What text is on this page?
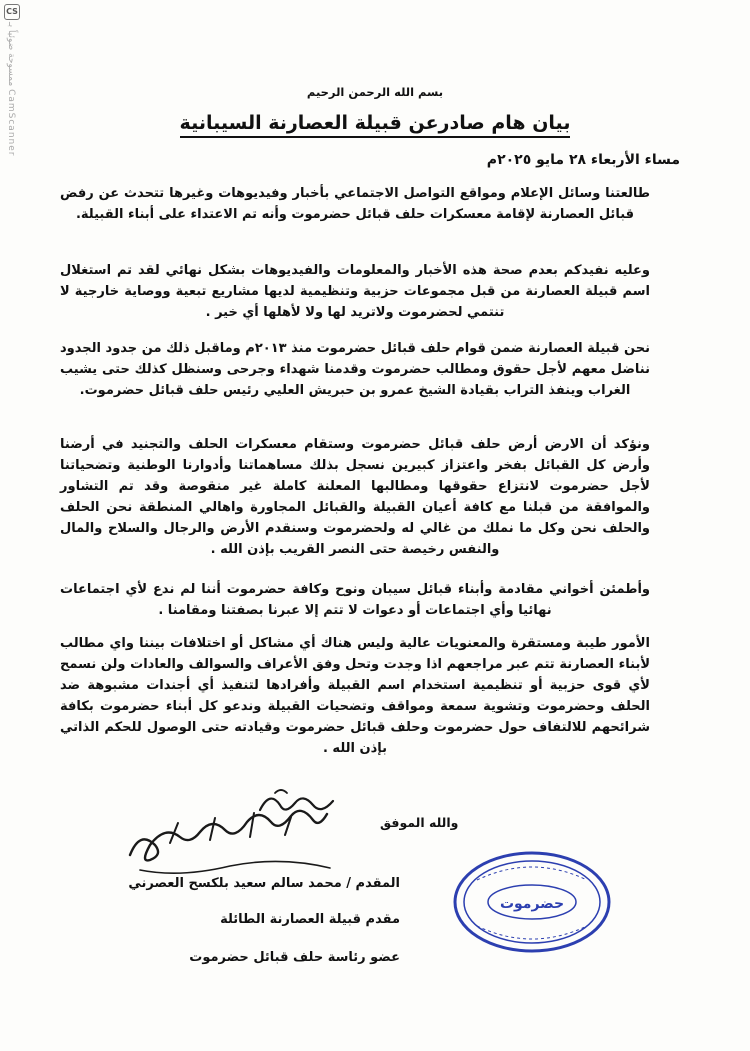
CS
ممسوحة ضوئياً بـ CamScanner	بسم الله الرحمن الرحيم
بيان هام صادرعن قبيلة العصارنة السيبانية
مساء الأربعاء ٢٨ مايو ٢٠٢٥م
طالعتنا وسائل الإعلام ومواقع التواصل الاجتماعي بأخبار وفيديوهات وغيرها تتحدث عن رفض قبائل العصارنة لإقامة معسكرات حلف قبائل حضرموت وأنه تم الاعتداء على أبناء القبيلة.
وعليه نفيدكم بعدم صحة هذه الأخبار والمعلومات والفيديوهات بشكل نهائي لقد تم استغلال اسم قبيلة العصارنة من قبل مجموعات حزبية وتنظيمية لديها مشاريع تبعية ووصاية خارجية لا تنتمي لحضرموت ولاتريد لها ولا لأهلها أي خير .
نحن قبيلة العصارنة ضمن قوام حلف قبائل حضرموت منذ ٢٠١٣م وماقبل ذلك من جدود الجدود نناضل معهم لأجل حقوق ومطالب حضرموت وقدمنا شهداء وجرحى وسنظل كذلك حتى يشيب الغراب وينفذ التراب بقيادة الشيخ عمرو بن حبريش العليي رئيس حلف قبائل حضرموت.
ونؤكد أن الارض أرض حلف قبائل حضرموت وستقام معسكرات الحلف والتجنيد في أرضنا وأرض كل القبائل بفخر واعتزاز كبيرين نسجل بذلك مساهماتنا وأدوارنا الوطنية وتضحياتنا لأجل حضرموت لانتزاع حقوقها ومطالبها المعلنة كاملة غير منقوصة وقد تم التشاور والموافقة من قبلنا مع كافة أعيان القبيلة والقبائل المجاورة واهالي المنطقة نحن الحلف والحلف نحن وكل ما نملك من غالي له ولحضرموت وسنقدم الأرض والرجال والسلاح والمال والنفس رخيصة حتى النصر القريب بإذن الله .
وأطمئن أخواني مقادمة وأبناء قبائل سيبان ونوح وكافة حضرموت أننا لم ندع لأي اجتماعات نهائيا وأي اجتماعات أو دعوات لا تتم إلا عبرنا بصفتنا ومقامنا .
الأمور طيبة ومستقرة والمعنويات عالية وليس هناك أي مشاكل أو اختلافات بيننا واي مطالب لأبناء العصارنة تتم عبر مراجعهم اذا وجدت وتحل وفق الأعراف والسوالف والعادات ولن نسمح لأي قوى حزبية أو تنظيمية استخدام اسم القبيلة وأفرادها لتنفيذ أي أجندات مشبوهة ضد الحلف وحضرموت وتشوية سمعة ومواقف وتضحيات القبيلة وندعو كل أبناء حضرموت بكافة شرائحهم للالتفاف حول حضرموت وحلف قبائل حضرموت وقيادته حتى الوصول للحكم الذاتي بإذن الله .
والله الموفق
المقدم / محمد سالم سعيد بلكسح العصرني
مقدم قبيلة العصارنة الطائلة
عضو رئاسة حلف قبائل حضرموت
حضرموت
